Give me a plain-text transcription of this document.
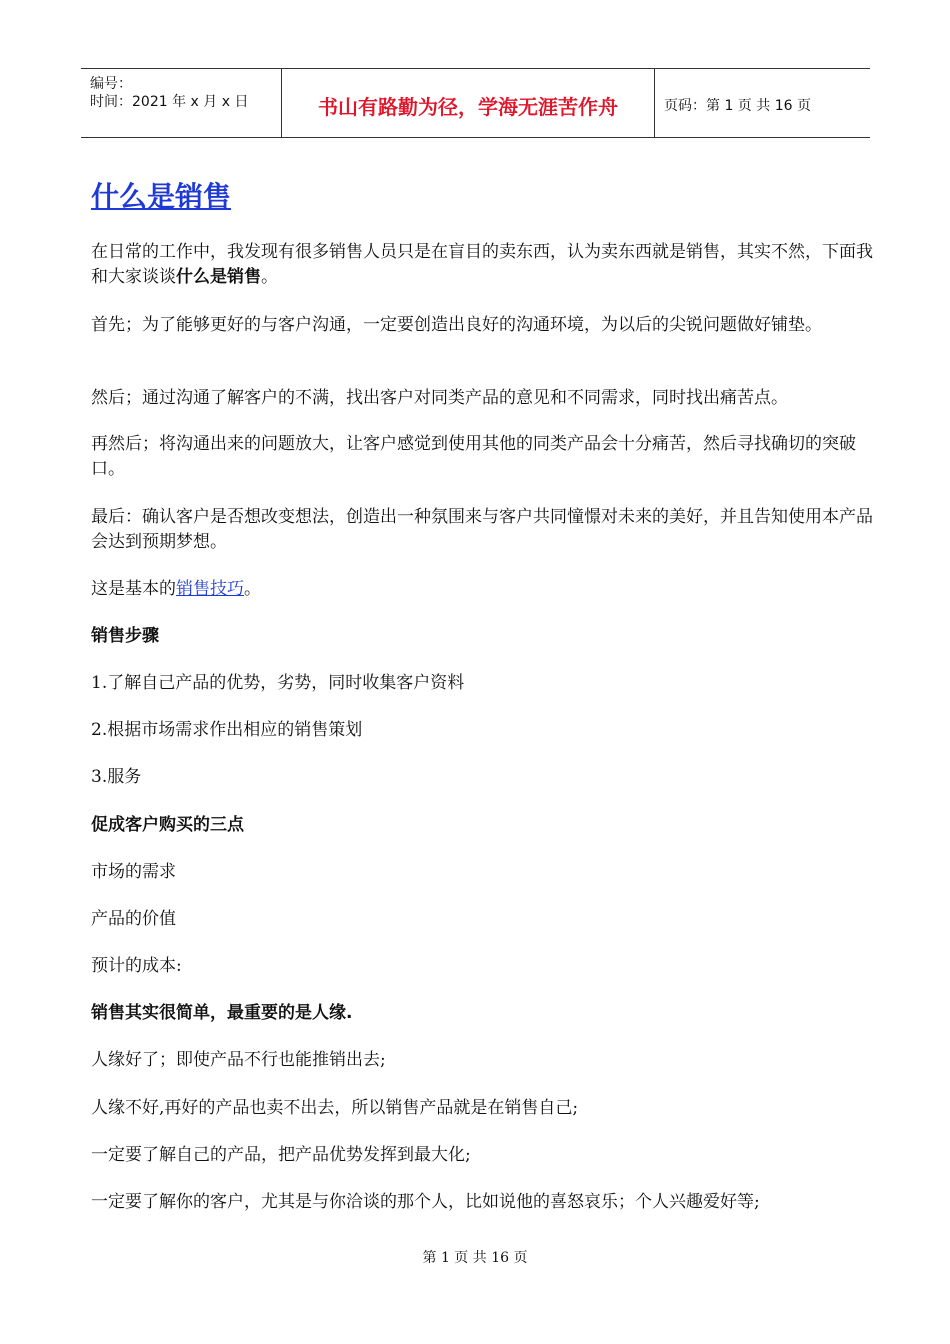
编号：
时间：2021 年 x 月 x 日	书山有路勤为径，学海无涯苦作舟	页码：第 1 页 共 16 页
什么是销售
在日常的工作中，我发现有很多销售人员只是在盲目的卖东西，认为卖东西就是销售，其实不然，下面我和大家谈谈什么是销售。
首先；为了能够更好的与客户沟通，一定要创造出良好的沟通环境，为以后的尖锐问题做好铺垫。
然后；通过沟通了解客户的不满，找出客户对同类产品的意见和不同需求，同时找出痛苦点。
再然后；将沟通出来的问题放大，让客户感觉到使用其他的同类产品会十分痛苦，然后寻找确切的突破口。
最后：确认客户是否想改变想法，创造出一种氛围来与客户共同憧憬对未来的美好，并且告知使用本产品会达到预期梦想。
这是基本的销售技巧。
销售步骤
1.了解自己产品的优势，劣势，同时收集客户资料
2.根据市场需求作出相应的销售策划
3.服务
促成客户购买的三点
市场的需求
产品的价值
预计的成本:
销售其实很简单，最重要的是人缘.
人缘好了；即使产品不行也能推销出去;
人缘不好,再好的产品也卖不出去，所以销售产品就是在销售自己;
一定要了解自己的产品，把产品优势发挥到最大化;
一定要了解你的客户，尤其是与你洽谈的那个人，比如说他的喜怒哀乐；个人兴趣爱好等;
第 1 页 共 16 页
